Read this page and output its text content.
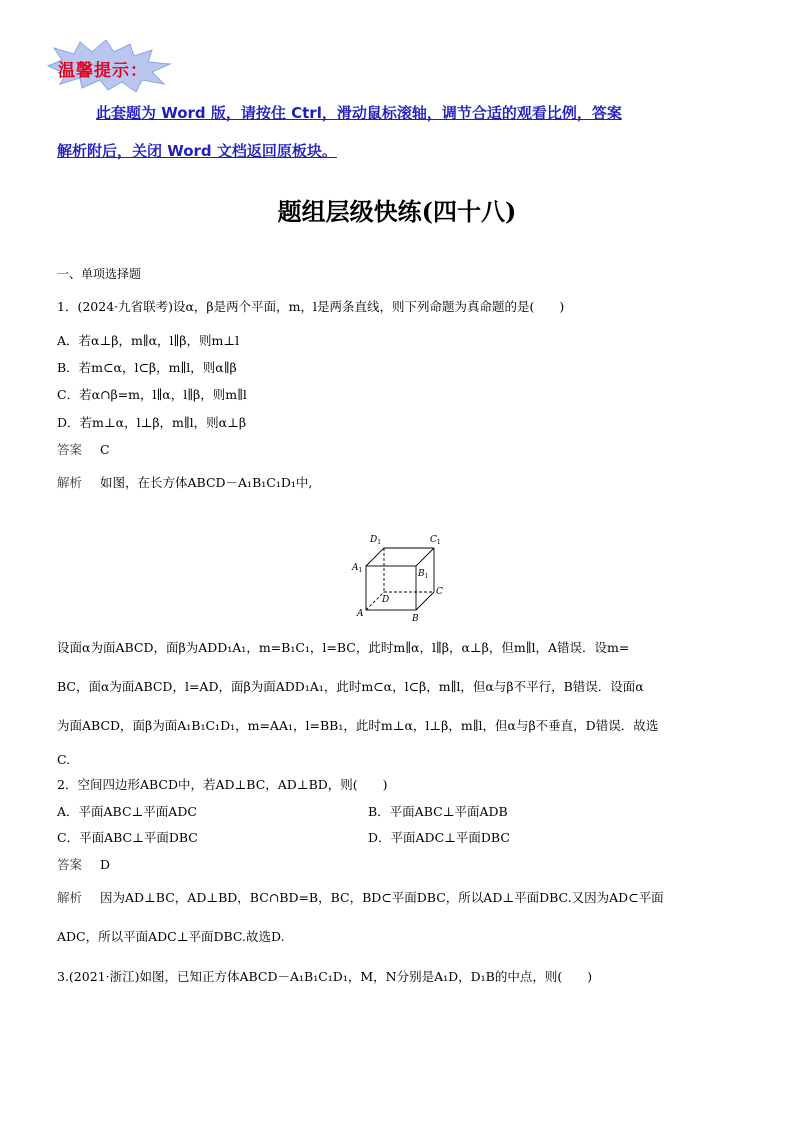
温馨提示：
此套题为 Word 版，请按住 Ctrl，滑动鼠标滚轴，调节合适的观看比例，答案
解析附后，关闭 Word 文档返回原板块。
题组层级快练(四十八)
一、单项选择题
1．(2024·九省联考)设α，β是两个平面，m，l是两条直线，则下列命题为真命题的是(　　)
A．若α⊥β，m∥α，l∥β，则m⊥l
B．若m⊂α，l⊂β，m∥l，则α∥β
C．若α∩β=m，l∥α，l∥β，则m∥l
D．若m⊥α，l⊥β，m∥l，则α⊥β
答案 C
解析 如图，在长方体ABCD－A₁B₁C₁D₁中,
$D_1$	$C_1$
$A_1$	$B_1$
D
C
A	B
设面α为面ABCD，面β为ADD₁A₁，m=B₁C₁，l=BC，此时m∥α，l∥β，α⊥β，但m∥l，A错误．设m=
BC，面α为面ABCD，l=AD，面β为面ADD₁A₁，此时m⊂α，l⊂β，m∥l，但α与β不平行，B错误．设面α
为面ABCD，面β为面A₁B₁C₁D₁，m=AA₁，l=BB₁，此时m⊥α，l⊥β，m∥l，但α与β不垂直，D错误．故选
C.
2．空间四边形ABCD中，若AD⊥BC，AD⊥BD，则(　　)
A．平面ABC⊥平面ADC	B．平面ABC⊥平面ADB
C．平面ABC⊥平面DBC	D．平面ADC⊥平面DBC
答案 D
解析 因为AD⊥BC，AD⊥BD，BC∩BD=B，BC，BD⊂平面DBC，所以AD⊥平面DBC.又因为AD⊂平面
ADC，所以平面ADC⊥平面DBC.故选D.
3.(2021·浙江)如图，已知正方体ABCD－A₁B₁C₁D₁，M，N分别是A₁D，D₁B的中点，则(　　)
